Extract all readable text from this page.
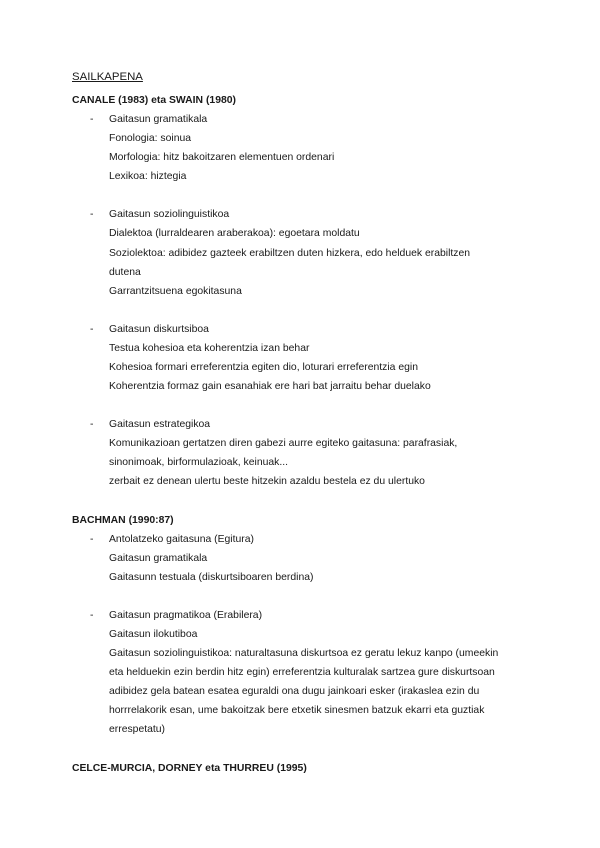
SAILKAPENA
CANALE (1983) eta SWAIN (1980)
- Gaitasun gramatikala
Fonologia: soinua
Morfologia: hitz bakoitzaren elementuen ordenari
Lexikoa: hiztegia
- Gaitasun soziolinguistikoa
Dialektoa (lurraldearen araberakoa): egoetara moldatu
Soziolektoa: adibidez gazteek erabiltzen duten hizkera, edo helduek erabiltzen
dutena
Garrantzitsuena egokitasuna
- Gaitasun diskurtsiboa
Testua kohesioa eta koherentzia izan behar
Kohesioa formari erreferentzia egiten dio, loturari erreferentzia egin
Koherentzia formaz gain esanahiak ere hari bat jarraitu behar duelako
- Gaitasun estrategikoa
Komunikazioan gertatzen diren gabezi aurre egiteko gaitasuna: parafrasiak,
sinonimoak, birformulazioak, keinuak...
zerbait ez denean ulertu beste hitzekin azaldu bestela ez du ulertuko
BACHMAN (1990:87)
- Antolatzeko gaitasuna (Egitura)
Gaitasun gramatikala
Gaitasunn testuala (diskurtsiboaren berdina)
- Gaitasun pragmatikoa (Erabilera)
Gaitasun ilokutiboa
Gaitasun soziolinguistikoa: naturaltasuna diskurtsoa ez geratu lekuz kanpo (umeekin
eta helduekin ezin berdin hitz egin) erreferentzia kulturalak sartzea gure diskurtsoan
adibidez gela batean esatea eguraldi ona dugu jainkoari esker (irakaslea ezin du
horrrelakorik esan, ume bakoitzak bere etxetik sinesmen batzuk ekarri eta guztiak
errespetatu)
CELCE-MURCIA, DORNEY eta THURREU (1995)
